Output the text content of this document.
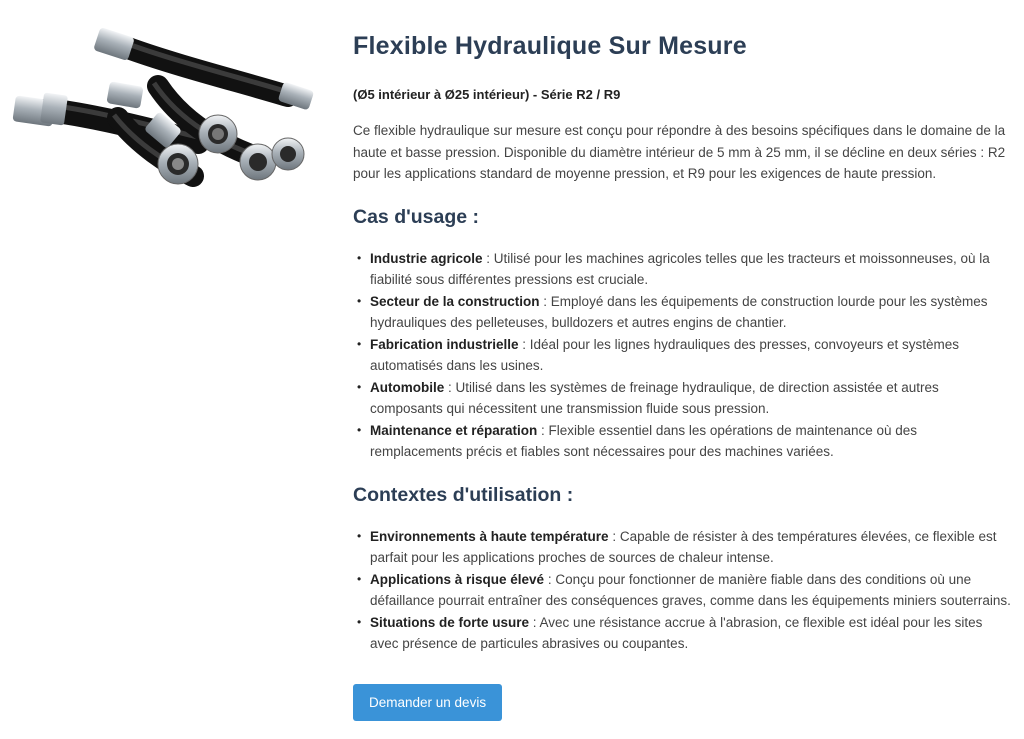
Flexible Hydraulique Sur Mesure

(Ø5 intérieur à Ø25 intérieur) - Série R2 / R9

Ce flexible hydraulique sur mesure est conçu pour répondre à des besoins spécifiques dans le domaine de la haute et basse pression. Disponible du diamètre intérieur de 5 mm à 25 mm, il se décline en deux séries : R2 pour les applications standard de moyenne pression, et R9 pour les exigences de haute pression.

Cas d'usage :
• Industrie agricole : Utilisé pour les machines agricoles telles que les tracteurs et moissonneuses, où la fiabilité sous différentes pressions est cruciale.
• Secteur de la construction : Employé dans les équipements de construction lourde pour les systèmes hydrauliques des pelleteuses, bulldozers et autres engins de chantier.
• Fabrication industrielle : Idéal pour les lignes hydrauliques des presses, convoyeurs et systèmes automatisés dans les usines.
• Automobile : Utilisé dans les systèmes de freinage hydraulique, de direction assistée et autres composants qui nécessitent une transmission fluide sous pression.
• Maintenance et réparation : Flexible essentiel dans les opérations de maintenance où des remplacements précis et fiables sont nécessaires pour des machines variées.
Contextes d'utilisation :
• Environnements à haute température : Capable de résister à des températures élevées, ce flexible est parfait pour les applications proches de sources de chaleur intense.
• Applications à risque élevé : Conçu pour fonctionner de manière fiable dans des conditions où une défaillance pourrait entraîner des conséquences graves, comme dans les équipements miniers souterrains.
• Situations de forte usure : Avec une résistance accrue à l'abrasion, ce flexible est idéal pour les sites avec présence de particules abrasives ou coupantes.
Demander un devis
